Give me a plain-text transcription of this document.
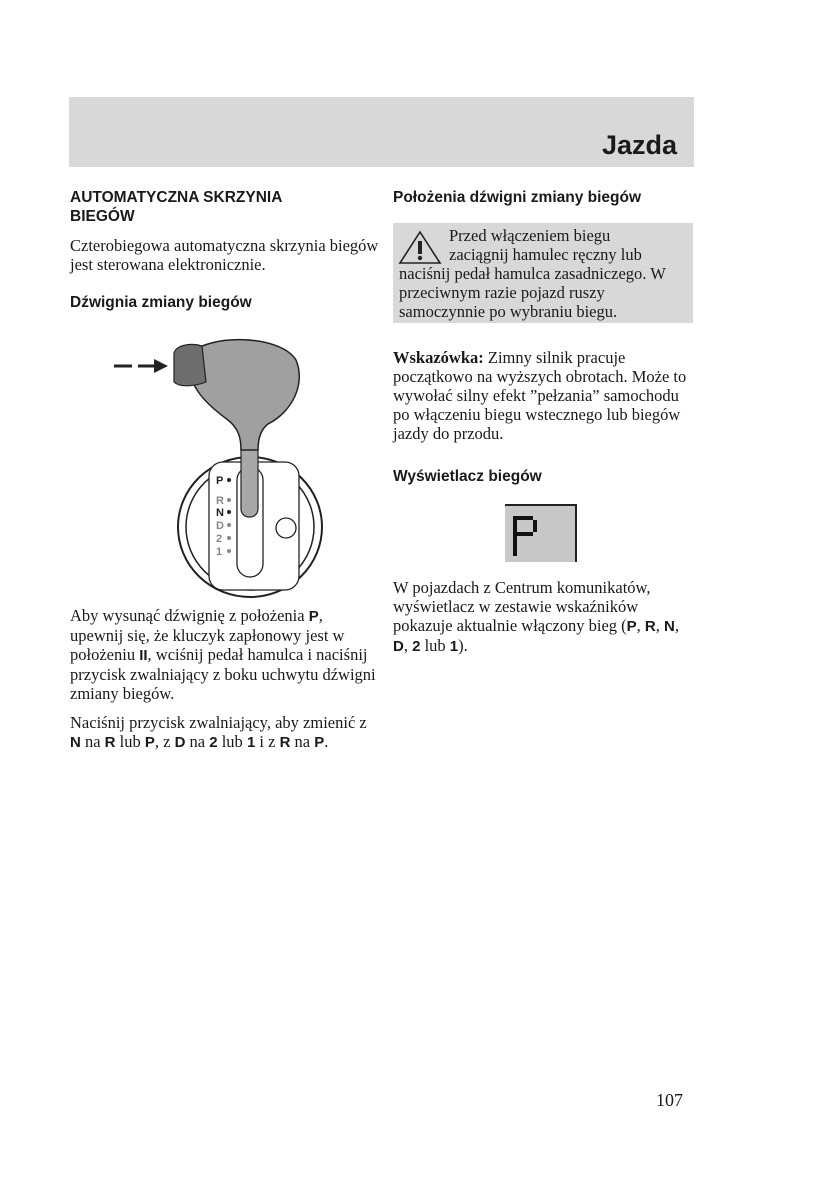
Jazda
AUTOMATYCZNA SKRZYNIA BIEGÓW

Czterobiegowa automatyczna skrzynia biegów jest sterowana elektronicznie.

Dźwignia zmiany biegów
P
R
N
D
2
1

Aby wysunąć dźwignię z położenia P, upewnij się, że kluczyk zapłonowy jest w położeniu II, wciśnij pedał hamulca i naciśnij przycisk zwalniający z boku uchwytu dźwigni zmiany biegów.

Naciśnij przycisk zwalniający, aby zmienić z N na R lub P, z D na 2 lub 1 i z R na P.

Położenia dźwigni zmiany biegów

Przed włączeniem biegu
zaciągnij hamulec ręczny lub
naciśnij pedał hamulca zasadniczego. W przeciwnym razie pojazd ruszy samoczynnie po wybraniu biegu.

Wskazówka: Zimny silnik pracuje początkowo na wyższych obrotach. Może to wywołać silny efekt ”pełzania” samochodu po włączeniu biegu wstecznego lub biegów jazdy do przodu.

Wyświetlacz biegów
P

W pojazdach z Centrum komunikatów, wyświetlacz w zestawie wskaźników pokazuje aktualnie włączony bieg (P, R, N, D, 2 lub 1).

107
